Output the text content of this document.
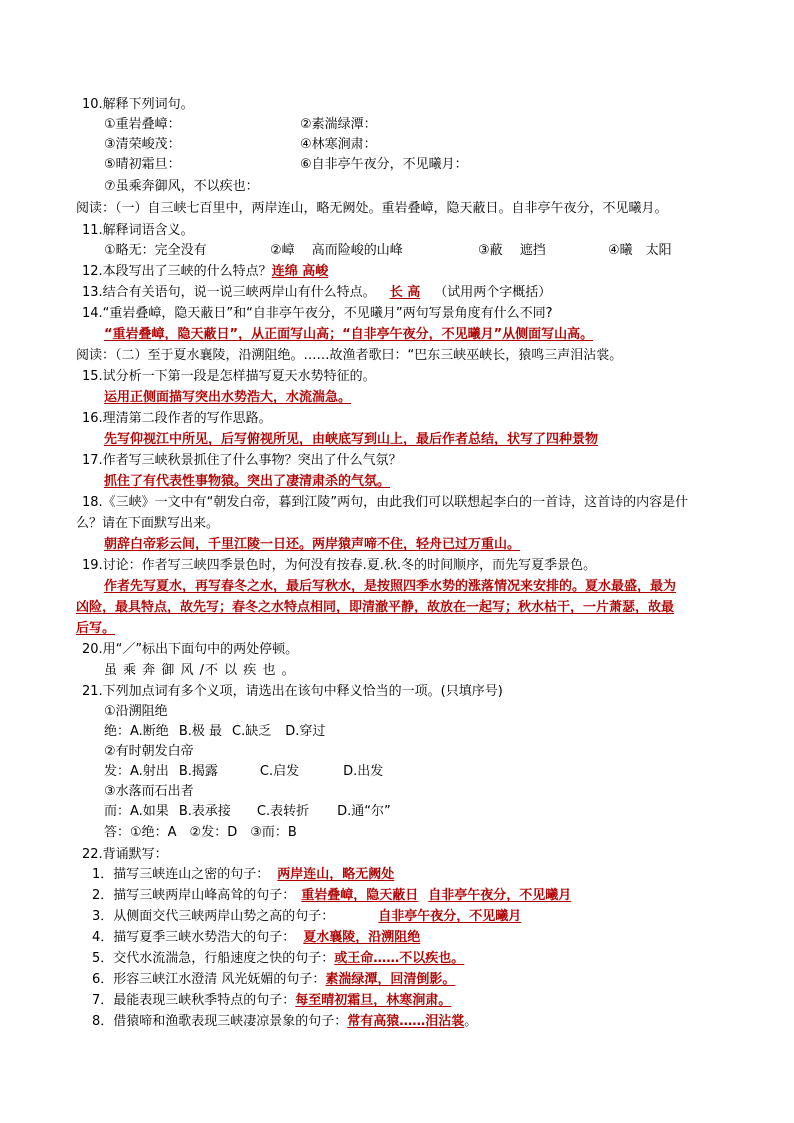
10.解释下列词句。
①重岩叠嶂：	②素湍绿潭：
③清荣峻茂：	④林寒涧肃：
⑤晴初霜旦：	⑥自非亭午夜分，不见曦月：
⑦虽乘奔御风，不以疾也：
阅读：（一）自三峡七百里中，两岸连山，略无阙处。重岩叠嶂，隐天蔽日。自非亭午夜分，不见曦月。
11.解释词语含义。
①略无：完全没有	②嶂　 高而险峻的山峰	③蔽　 遮挡	④曦　太阳
12.本段写出了三峡的什么特点？连绵 高峻
13.结合有关语句，说一说三峡两岸山有什么特点。 长 高 （试用两个字概括）
14.“重岩叠嶂，隐天蔽日”和“自非亭午夜分，不见曦月”两句写景角度有什么不同?
“重岩叠嶂，隐天蔽日”，从正面写山高；“自非亭午夜分，不见曦月”从侧面写山高。
阅读：（二）至于夏水襄陵，沿溯阻绝。……故渔者歌曰：“巴东三峡巫峡长，猿鸣三声泪沾裳。
15.试分析一下第一段是怎样描写夏天水势特征的。
运用正侧面描写突出水势浩大，水流湍急。
16.理清第二段作者的写作思路。
先写仰视江中所见，后写俯视所见，由峡底写到山上，最后作者总结，状写了四种景物
17.作者写三峡秋景抓住了什么事物？突出了什么气氛？
抓住了有代表性事物猿。突出了凄清肃杀的气氛。
18.《三峡》一文中有“朝发白帝，暮到江陵”两句，由此我们可以联想起李白的一首诗，这首诗的内容是什
么？请在下面默写出来。
朝辞白帝彩云间，千里江陵一日还。两岸猿声啼不住，轻舟已过万重山。
19.讨论：作者写三峡四季景色时，为何没有按春.夏.秋.冬的时间顺序，而先写夏季景色。
作者先写夏水，再写春冬之水，最后写秋水，是按照四季水势的涨落情况来安排的。夏水最盛，最为
凶险，最具特点，故先写；春冬之水特点相同，即清澈平静，故放在一起写；秋水枯干，一片萧瑟，故最
后写。
20.用“／”标出下面句中的两处停顿。
虽 乘 奔 御 风 /不 以 疾 也 。
21.下列加点词有多个义项，请选出在该句中释义恰当的一项。(只填序号)
①沿溯阻绝
绝：A.断绝 B.极 最 C.缺乏 D.穿过
②有时朝发白帝
发：A.射出 B.揭露	C.启发	D.出发
③水落而石出者
而：A.如果 B.表承接 C.表转折 D.通“尔”
答：①绝：A　②发：D　③而：B
22.背诵默写：
1．描写三峡连山之密的句子： 两岸连山，略无阙处
2．描写三峡两岸山峰高耸的句子： 重岩叠嶂，隐天蔽日 自非亭午夜分，不见曦月
3．从侧面交代三峡两岸山势之高的句子：	自非亭午夜分，不见曦月
4．描写夏季三峡水势浩大的句子： 夏水襄陵，沿溯阻绝
5．交代水流湍急，行船速度之快的句子：或王命……不以疾也。
6．形容三峡江水澄清 风光妩媚的句子：素湍绿潭，回清倒影。
7．最能表现三峡秋季特点的句子：每至晴初霜旦，林寒涧肃。
8．借猿啼和渔歌表现三峡凄凉景象的句子：常有高猿……泪沾裳。
